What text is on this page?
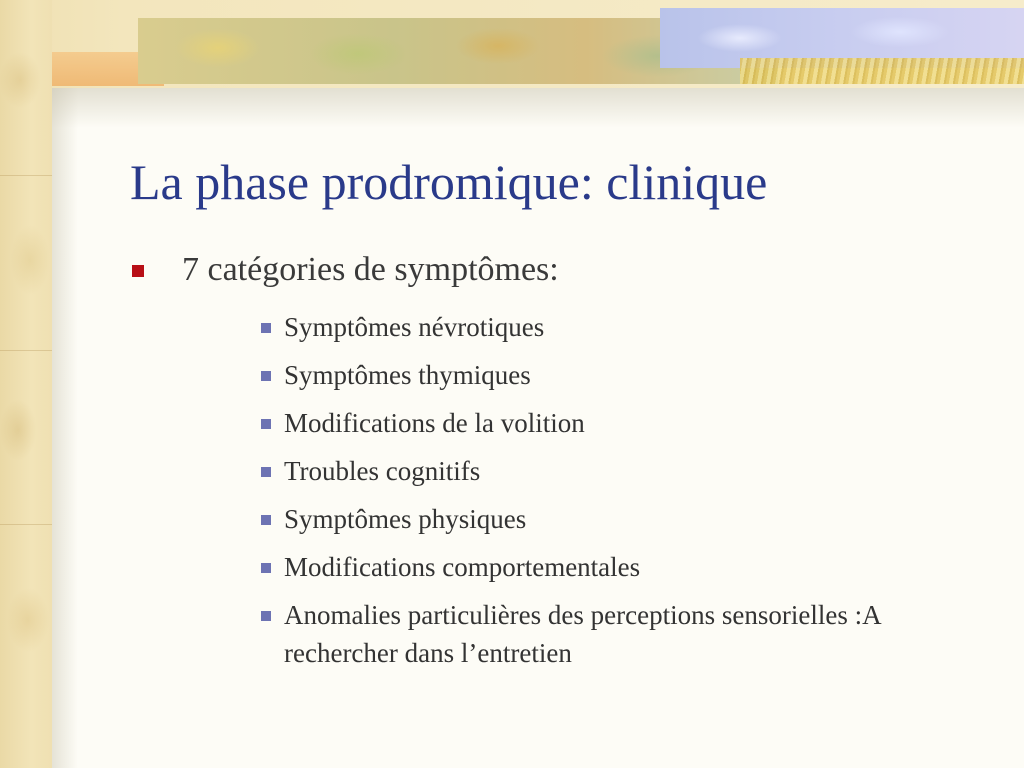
La phase prodromique: clinique
7 catégories de symptômes:
Symptômes névrotiques
Symptômes thymiques
Modifications de la volition
Troubles cognitifs
Symptômes physiques
Modifications comportementales
Anomalies particulières des perceptions sensorielles :A rechercher dans l’entretien
